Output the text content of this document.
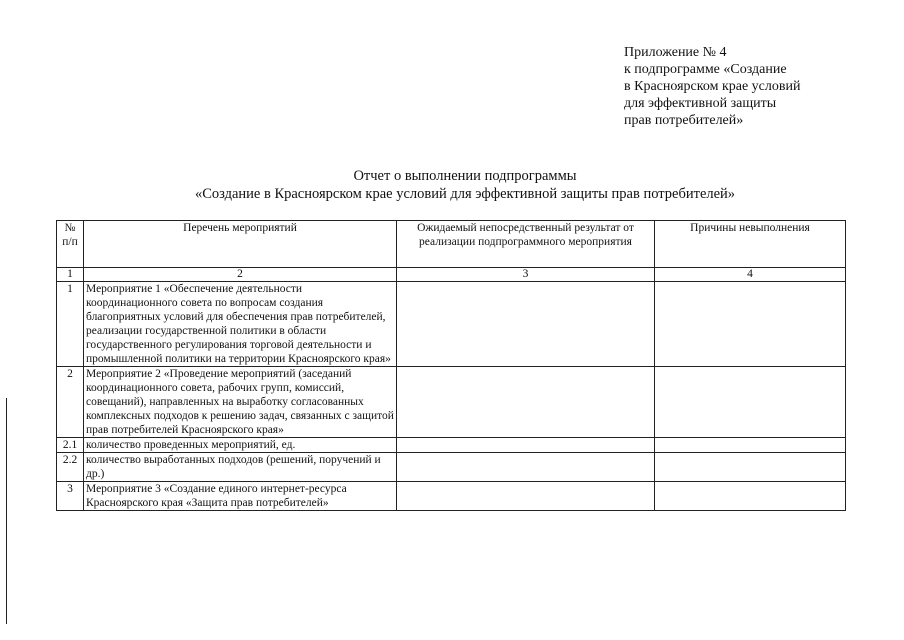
Приложение № 4
к подпрограмме «Создание
в Красноярском крае условий
для эффективной защиты
прав потребителей»
Отчет о выполнении подпрограммы
«Создание в Красноярском крае условий для эффективной защиты прав потребителей»
№ п/п	Перечень мероприятий	Ожидаемый непосредственный результат от реализации подпрограммного мероприятия	Причины невыполнения
1	2	3	4
1	Мероприятие 1 «Обеспечение деятельности координационного совета по вопросам создания благоприятных условий для обеспечения прав потребителей, реализации государственной политики в области государственного регулирования торговой деятельности и промышленной политики на территории Красноярского края»		
2	Мероприятие 2 «Проведение мероприятий (заседаний координационного совета, рабочих групп, комиссий, совещаний), направленных на выработку согласованных комплексных подходов к решению задач, связанных с защитой прав потребителей Красноярского края»		
2.1	количество проведенных мероприятий, ед.		
2.2	количество выработанных подходов (решений, поручений и др.)		
3	Мероприятие 3 «Создание единого интернет-ресурса Красноярского края «Защита прав потребителей»		
